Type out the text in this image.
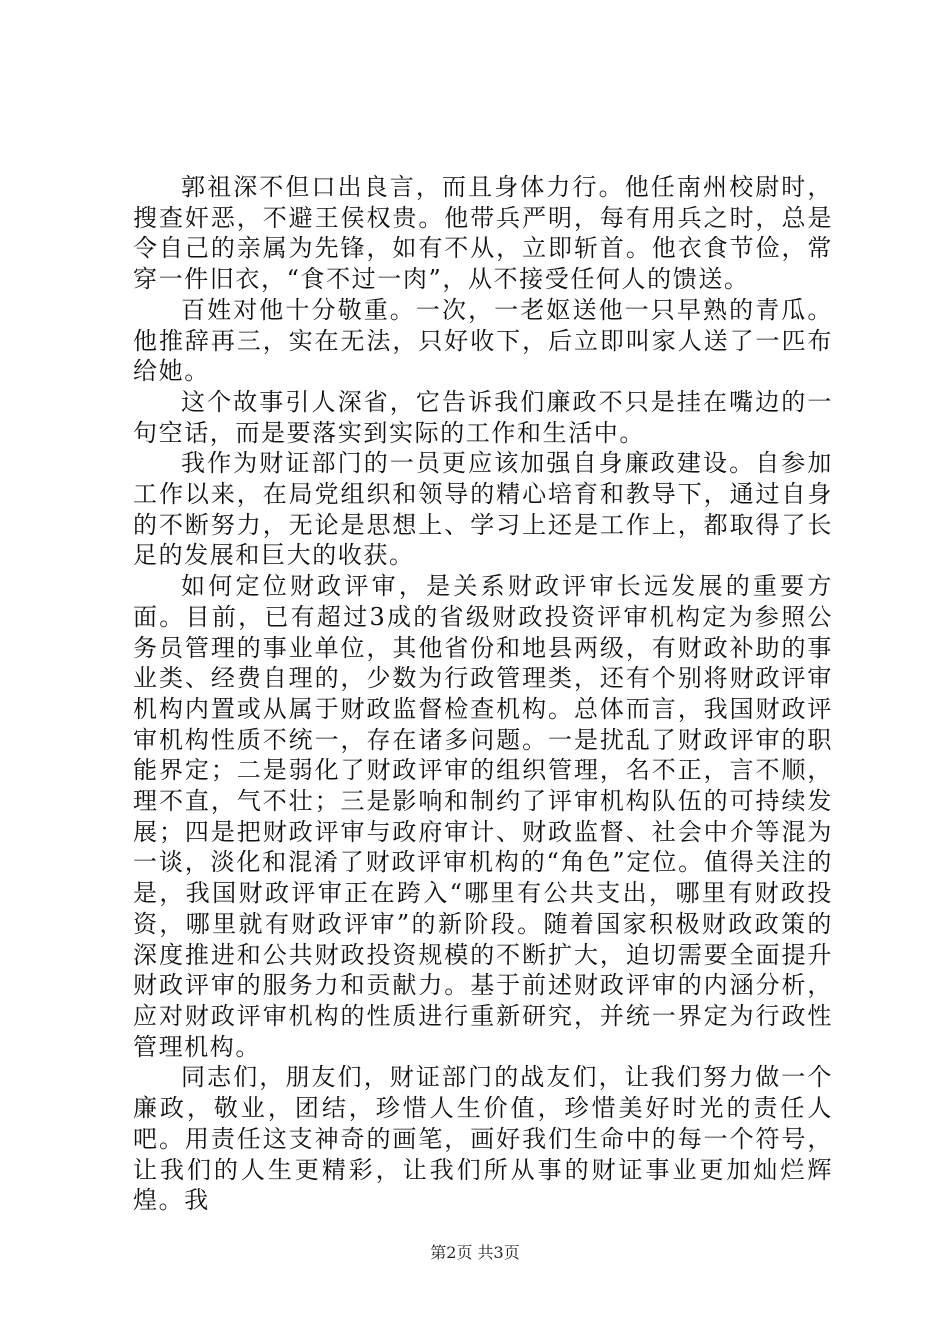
郭祖深不但口出良言，而且身体力行。他任南州校尉时，搜查奸恶，不避王侯权贵。他带兵严明，每有用兵之时，总是令自己的亲属为先锋，如有不从，立即斩首。他衣食节俭，常穿一件旧衣，“食不过一肉”，从不接受任何人的馈送。

百姓对他十分敬重。一次，一老妪送他一只早熟的青瓜。他推辞再三，实在无法，只好收下，后立即叫家人送了一匹布给她。

这个故事引人深省，它告诉我们廉政不只是挂在嘴边的一句空话，而是要落实到实际的工作和生活中。

我作为财证部门的一员更应该加强自身廉政建设。自参加工作以来，在局党组织和领导的精心培育和教导下，通过自身的不断努力，无论是思想上、学习上还是工作上，都取得了长足的发展和巨大的收获。

如何定位财政评审，是关系财政评审长远发展的重要方面。目前，已有超过3成的省级财政投资评审机构定为参照公务员管理的事业单位，其他省份和地县两级，有财政补助的事业类、经费自理的，少数为行政管理类，还有个别将财政评审机构内置或从属于财政监督检查机构。总体而言，我国财政评审机构性质不统一，存在诸多问题。一是扰乱了财政评审的职能界定；二是弱化了财政评审的组织管理，名不正，言不顺，理不直，气不壮；三是影响和制约了评审机构队伍的可持续发展；四是把财政评审与政府审计、财政监督、社会中介等混为一谈，淡化和混淆了财政评审机构的“角色”定位。值得关注的是，我国财政评审正在跨入“哪里有公共支出，哪里有财政投资，哪里就有财政评审”的新阶段。随着国家积极财政政策的深度推进和公共财政投资规模的不断扩大，迫切需要全面提升财政评审的服务力和贡献力。基于前述财政评审的内涵分析，应对财政评审机构的性质进行重新研究，并统一界定为行政性管理机构。

同志们，朋友们，财证部门的战友们，让我们努力做一个廉政，敬业，团结，珍惜人生价值，珍惜美好时光的责任人吧。用责任这支神奇的画笔，画好我们生命中的每一个符号，让我们的人生更精彩，让我们所从事的财证事业更加灿烂辉煌。我

第2页 共3页
